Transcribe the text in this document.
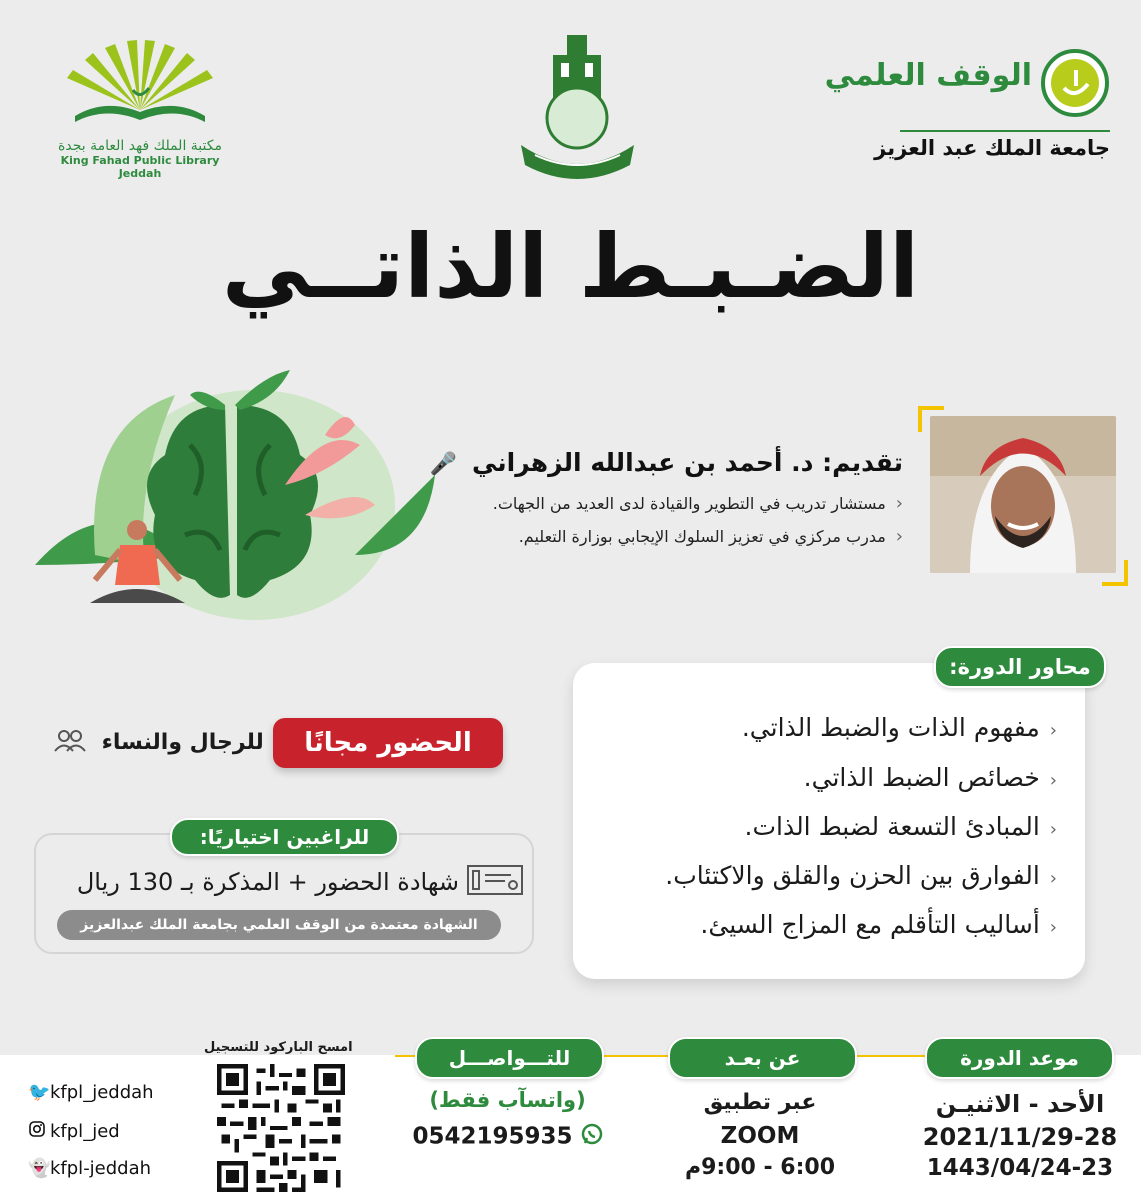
مكتبة الملك فهد العامة بجدة
King Fahad Public Library Jeddah
الوقف العلمي
جامعة الملك عبد العزيز
الضـبـط الذاتــي
تقديم: د. أحمد بن عبدالله الزهراني 🎤
‹مستشار تدريب في التطوير والقيادة لدى العديد من الجهات.
‹مدرب مركزي في تعزيز السلوك الإيجابي بوزارة التعليم.
محاور الدورة:
‹مفهوم الذات والضبط الذاتي.
‹خصائص الضبط الذاتي.
‹المبادئ التسعة لضبط الذات.
‹الفوارق بين الحزن والقلق والاكتئاب.
‹أساليب التأقلم مع المزاج السيئ.
الحضور مجانًا
للرجال والنساء
للراغبين اختياريًا:
شهادة الحضور + المذكرة بـ 130 ريال
الشهادة معتمدة من الوقف العلمي بجامعة الملك عبدالعزيز
موعد الدورة
عن بعـد
للتـــواصـــل
الأحد - الاثنيـن
2021/11/29-28
1443/04/24-23
عبر تطبيق
ZOOM
6:00 - 9:00م
(واتسآب فقط)
0542195935
امسح الباركود للتسجيل
🐦kfpl_jeddah
kfpl_jed
👻kfpl-jeddah
